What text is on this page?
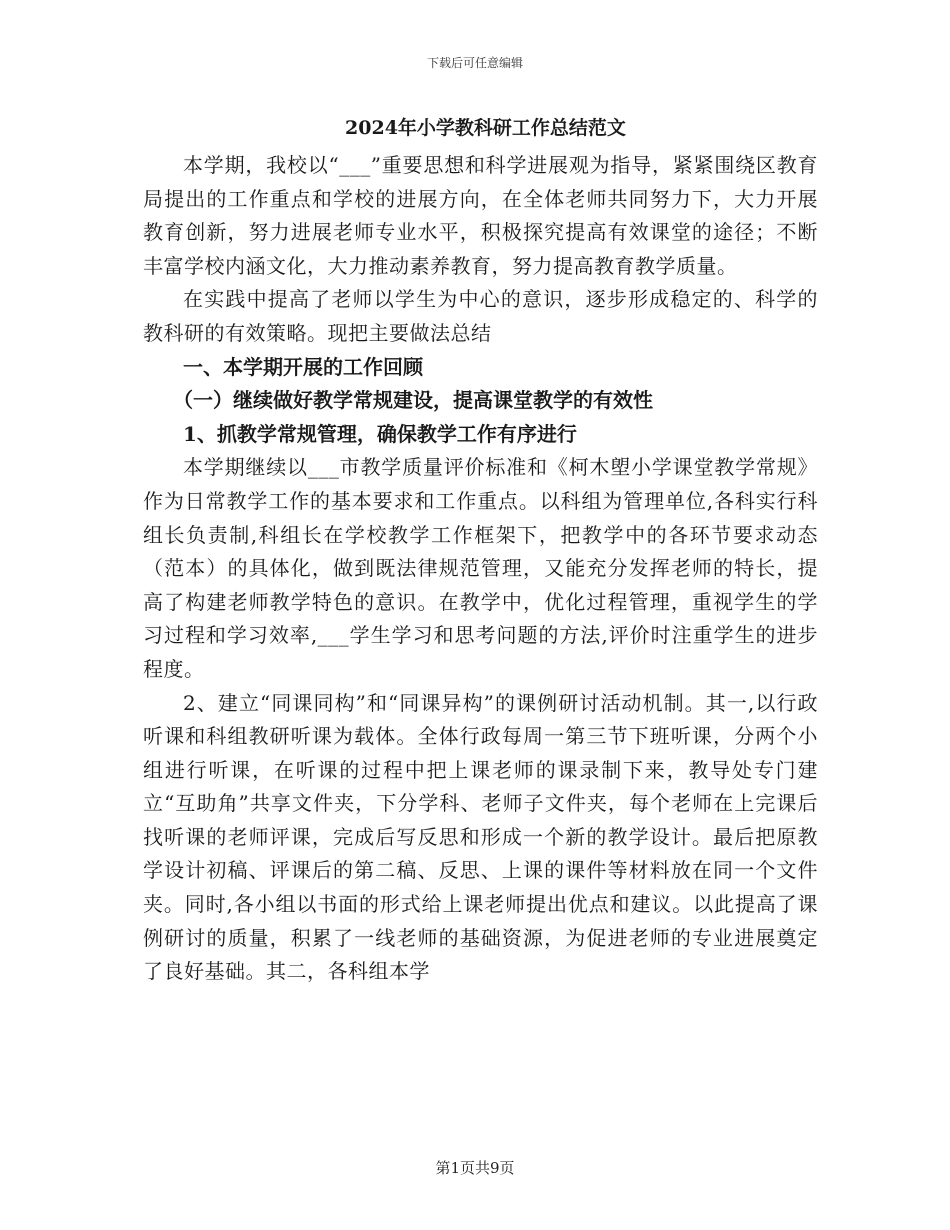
下载后可任意编辑
2024年小学教科研工作总结范文

本学期，我校以“___”重要思想和科学进展观为指导，紧紧围绕区教育局提出的工作重点和学校的进展方向，在全体老师共同努力下，大力开展教育创新，努力进展老师专业水平，积极探究提高有效课堂的途径；不断丰富学校内涵文化，大力推动素养教育，努力提高教育教学质量。

在实践中提高了老师以学生为中心的意识，逐步形成稳定的、科学的教科研的有效策略。现把主要做法总结

一、本学期开展的工作回顾

（一）继续做好教学常规建设，提高课堂教学的有效性

1、抓教学常规管理，确保教学工作有序进行

本学期继续以___市教学质量评价标准和《柯木塱小学课堂教学常规》作为日常教学工作的基本要求和工作重点。以科组为管理单位,各科实行科组长负责制,科组长在学校教学工作框架下，把教学中的各环节要求动态（范本）的具体化，做到既法律规范管理，又能充分发挥老师的特长，提高了构建老师教学特色的意识。在教学中，优化过程管理，重视学生的学习过程和学习效率,___学生学习和思考问题的方法,评价时注重学生的进步程度。

2、建立“同课同构”和“同课异构”的课例研讨活动机制。其一,以行政听课和科组教研听课为载体。全体行政每周一第三节下班听课，分两个小组进行听课，在听课的过程中把上课老师的课录制下来，教导处专门建立“互助角”共享文件夹，下分学科、老师子文件夹，每个老师在上完课后找听课的老师评课，完成后写反思和形成一个新的教学设计。最后把原教学设计初稿、评课后的第二稿、反思、上课的课件等材料放在同一个文件夹。同时,各小组以书面的形式给上课老师提出优点和建议。以此提高了课例研讨的质量，积累了一线老师的基础资源，为促进老师的专业进展奠定了良好基础。其二，各科组本学

第1页共9页
